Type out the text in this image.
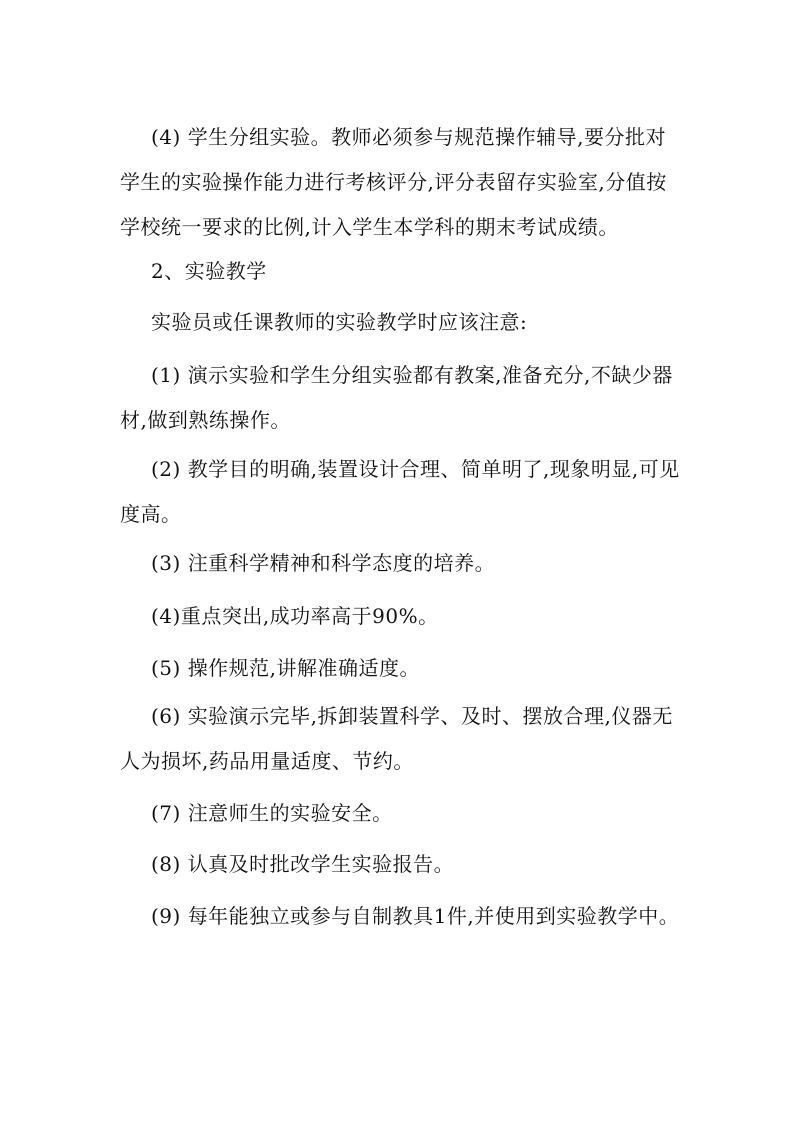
(4) 学生分组实验。教师必须参与规范操作辅导,要分批对学生的实验操作能力进行考核评分,评分表留存实验室,分值按学校统一要求的比例,计入学生本学科的期末考试成绩。

2、实验教学

实验员或任课教师的实验教学时应该注意:

(1) 演示实验和学生分组实验都有教案,准备充分,不缺少器材,做到熟练操作。

(2) 教学目的明确,装置设计合理、简单明了,现象明显,可见度高。

(3) 注重科学精神和科学态度的培养。

(4)重点突出,成功率高于90%。

(5) 操作规范,讲解准确适度。

(6) 实验演示完毕,拆卸装置科学、及时、摆放合理,仪器无人为损坏,药品用量适度、节约。

(7) 注意师生的实验安全。

(8) 认真及时批改学生实验报告。

(9) 每年能独立或参与自制教具1件,并使用到实验教学中。
